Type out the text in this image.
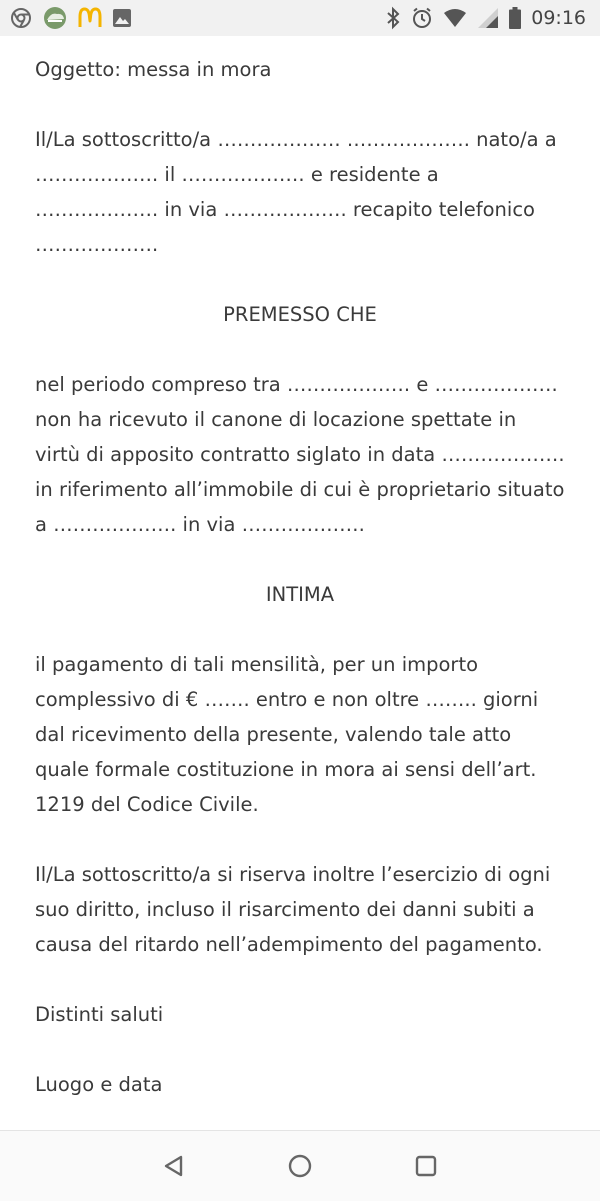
09:16

Oggetto: messa in mora

Il/La sottoscritto/a ………………. ………………. nato/a a ………………. il ………………. e residente a ………………. in via ………………. recapito telefonico ……………….

PREMESSO CHE

nel periodo compreso tra ………………. e ………………. non ha ricevuto il canone di locazione spettate in virtù di apposito contratto siglato in data ………………. in riferimento all’immobile di cui è proprietario situato a ………………. in via ……………….

INTIMA

il pagamento di tali mensilità, per un importo complessivo di € ……. entro e non oltre …….. giorni dal ricevimento della presente, valendo tale atto quale formale costituzione in mora ai sensi dell’art. 1219 del Codice Civile.

Il/La sottoscritto/a si riserva inoltre l’esercizio di ogni suo diritto, incluso il risarcimento dei danni subiti a causa del ritardo nell’adempimento del pagamento.

Distinti saluti

Luogo e data
